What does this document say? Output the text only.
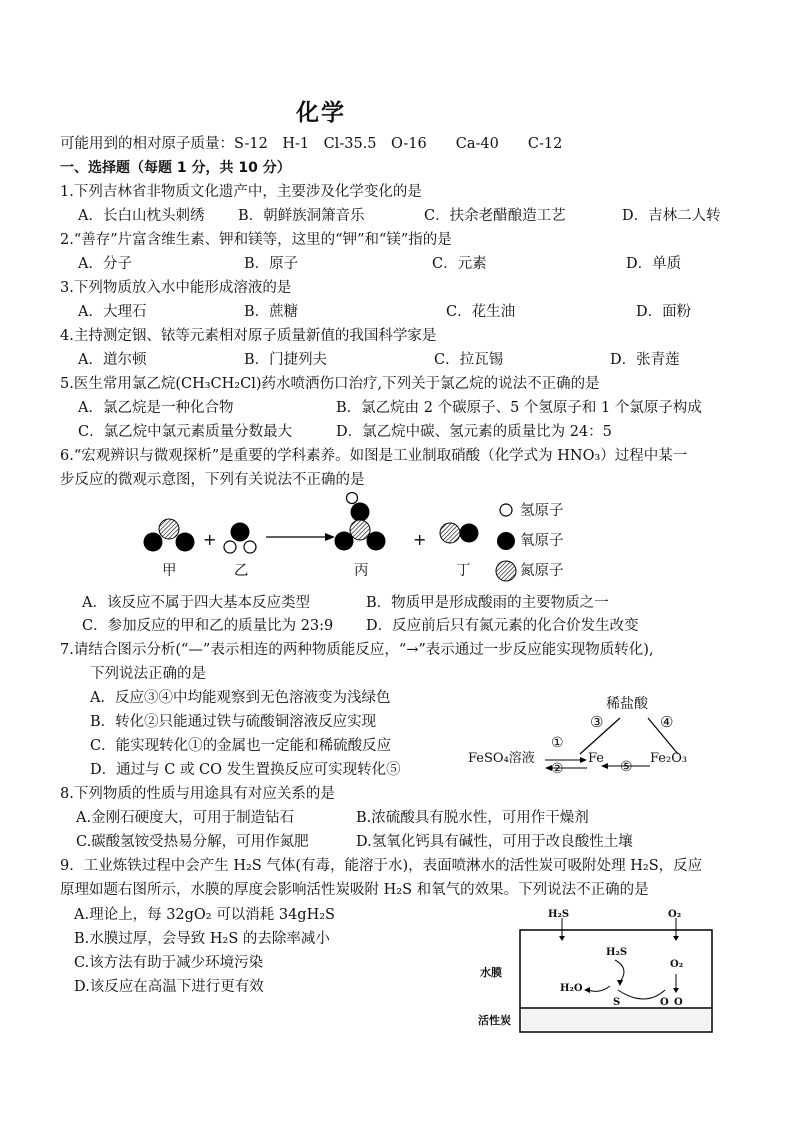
化学
可能用到的相对原子质量：S-12　H-1　Cl-35.5　O-16　　Ca-40　　C-12
一、选择题（每题 1 分，共 10 分）
1.下列吉林省非物质文化遗产中，主要涉及化学变化的是
A．长白山枕头刺绣 B．朝鲜族洞箫音乐	C．扶余老醋酿造工艺	D．吉林二人转
2.“善存”片富含维生素、钾和镁等，这里的“钾”和“镁”指的是
A．分子	B．原子	C．元素	D．单质
3.下列物质放入水中能形成溶液的是
A．大理石	B．蔗糖	C．花生油	D．面粉
4.主持测定铟、铱等元素相对原子质量新值的我国科学家是
A．道尔顿	B．门捷列夫	C．拉瓦锡	D．张青莲
5.医生常用氯乙烷(CH₃CH₂Cl)药水喷洒伤口治疗,下列关于氯乙烷的说法不正确的是
A．氯乙烷是一种化合物	B．氯乙烷由 2 个碳原子、5 个氢原子和 1 个氯原子构成
C．氯乙烷中氯元素质量分数最大	D．氯乙烷中碳、氢元素的质量比为 24：5
6.“宏观辨识与微观探析”是重要的学科素养。如图是工业制取硝酸（化学式为 HNO₃）过程中某一
步反应的微观示意图，下列有关说法不正确的是
+	+
氢原子
氧原子
氮原子
甲	乙	丙	丁
A．该反应不属于四大基本反应类型	B．物质甲是形成酸雨的主要物质之一
C．参加反应的甲和乙的质量比为 23:9 D．反应前后只有氮元素的化合价发生改变
7.请结合图示分析(“—”表示相连的两种物质能反应，“→”表示通过一步反应能实现物质转化),
下列说法正确的是
A．反应③④中均能观察到无色溶液变为浅绿色
B．转化②只能通过铁与硫酸铜溶液反应实现
C．能实现转化①的金属也一定能和稀硫酸反应
D．通过与 C 或 CO 发生置换反应可实现转化⑤
稀盐酸
③	④
FeSO₄溶液
①
②
Fe
⑤
Fe₂O₃
8.下列物质的性质与用途具有对应关系的是
A.金刚石硬度大，可用于制造钻石	B.浓硫酸具有脱水性，可用作干燥剂
C.碳酸氢铵受热易分解，可用作氮肥	D.氢氧化钙具有碱性，可用于改良酸性土壤
9．工业炼铁过程中会产生 H₂S 气体(有毒，能溶于水)，表面喷淋水的活性炭可吸附处理 H₂S，反应
原理如题右图所示，水膜的厚度会影响活性炭吸附 H₂S 和氧气的效果。下列说法不正确的是
A.理论上，每 32gO₂ 可以消耗 34gH₂S
B.水膜过厚，会导致 H₂S 的去除率减小
C.该方法有助于减少环境污染
D.该反应在高温下进行更有效
H₂S	O₂
H₂S
O₂
H₂O
S	O O
水膜
活性炭
